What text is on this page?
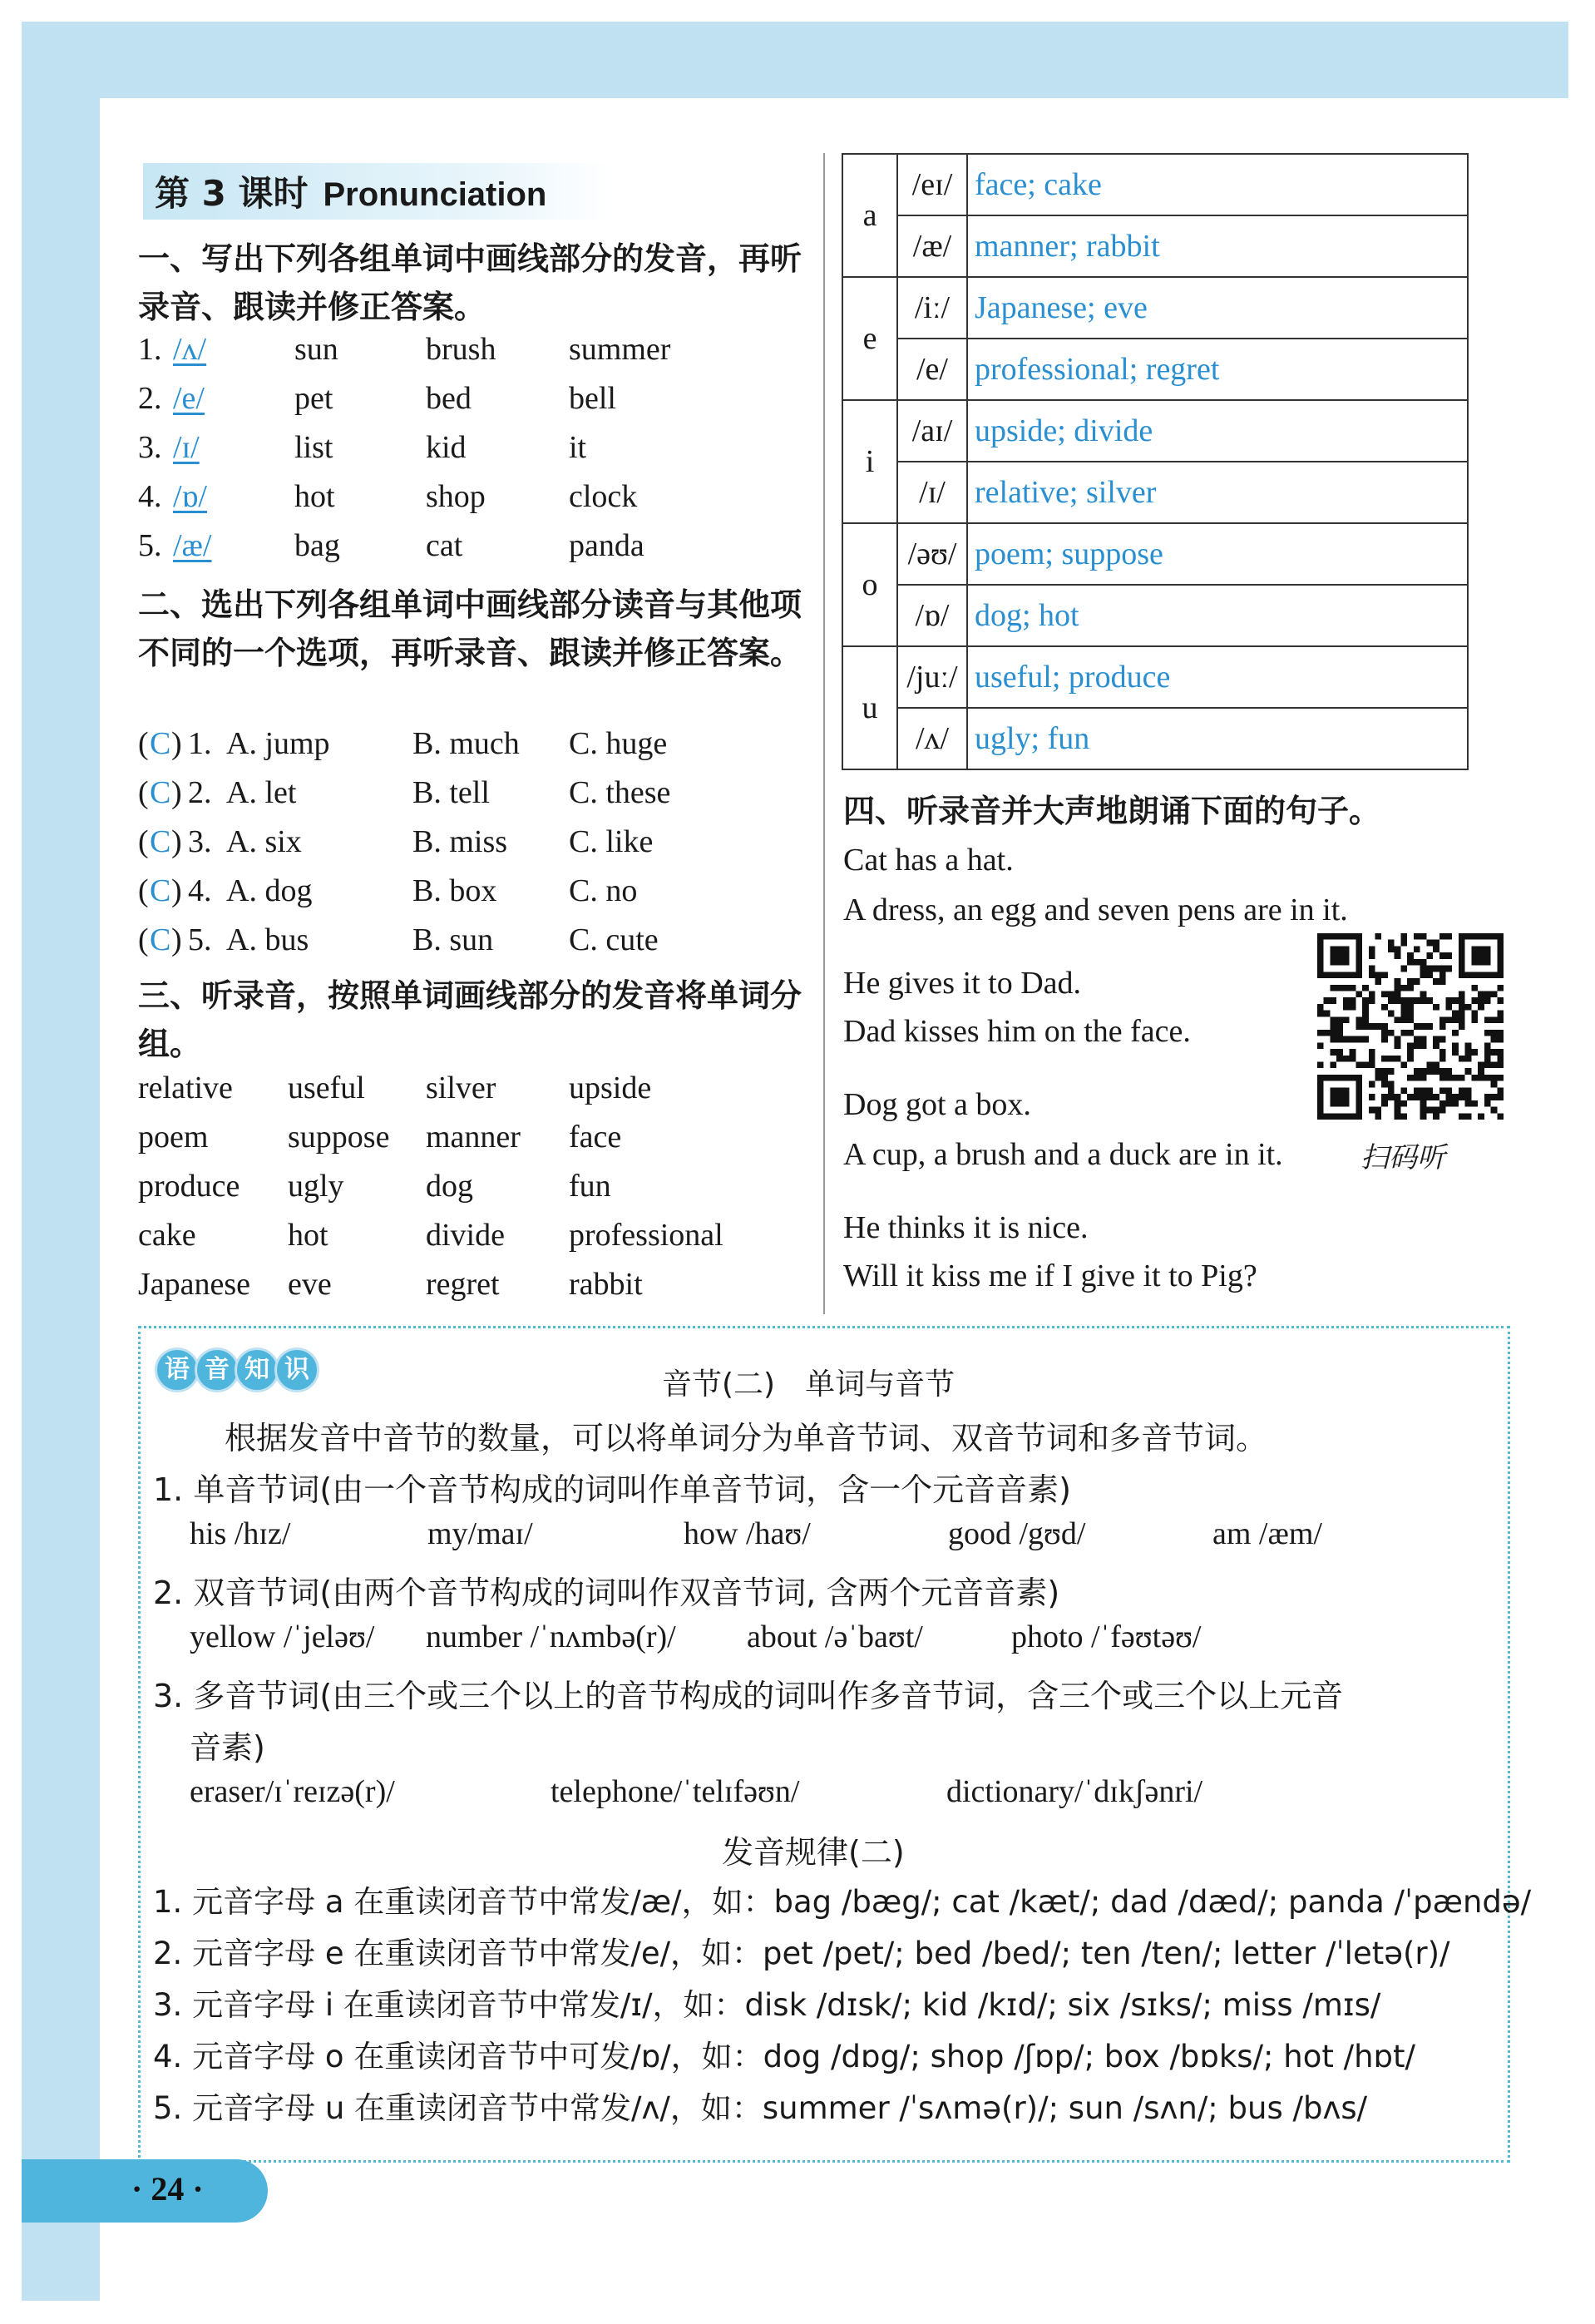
第 3 课时 Pronunciation
一、写出下列各组单词中画线部分的发音，再听录音、跟读并修正答案。
1. /ʌ/	sun	brush summer
2. /e/	pet	bed	bell
3. /ɪ/	list	kid	it
4. /ɒ/	hot	shop	clock
5. /æ/	bag	cat	panda
二、选出下列各组单词中画线部分读音与其他项不同的一个选项，再听录音、跟读并修正答案。
( C ) 1. A. jump	B. much C. huge
( C ) 2. A. let	B. tell	C. these
( C ) 3. A. six	B. miss C. like
( C ) 4. A. dog	B. box C. no
( C ) 5. A. bus	B. sun C. cute
三、听录音，按照单词画线部分的发音将单词分组。
relative useful silver upside
poem	suppose manner face
produce ugly	dog	fun
cake	hot	divide professional
Japanese eve	regret rabbit
a	/eɪ/	face; cake
	/æ/	manner; rabbit
e	/iː/	Japanese; eve
	/e/	professional; regret
i	/aɪ/	upside; divide
	/ɪ/	relative; silver
o	/əʊ/	poem; suppose
	/ɒ/	dog; hot
u	/juː/	useful; produce
	/ʌ/	ugly; fun
四、听录音并大声地朗诵下面的句子。
Cat has a hat.
A dress, an egg and seven pens are in it.
He gives it to Dad.
Dad kisses him on the face.
Dog got a box.
A cup, a brush and a duck are in it.
He thinks it is nice.
Will it kiss me if I give it to Pig?
扫码听
语 音 知 识	音节(二)　单词与音节
根据发音中音节的数量，可以将单词分为单音节词、双音节词和多音节词。
1. 单音节词(由一个音节构成的词叫作单音节词，含一个元音音素)
his /hɪz/	my/maɪ/	how /haʊ/	good /gʊd/	am /æm/
2. 双音节词(由两个音节构成的词叫作双音节词, 含两个元音音素)
yellow /ˈjeləʊ/ number /ˈnʌmbə(r)/ about /əˈbaʊt/	photo /ˈfəʊtəʊ/
3. 多音节词(由三个或三个以上的音节构成的词叫作多音节词，含三个或三个以上元音
音素)
eraser/ɪˈreɪzə(r)/	telephone/ˈtelɪfəʊn/	dictionary/ˈdɪkʃənri/
发音规律(二)
1. 元音字母 a 在重读闭音节中常发/æ/，如：bag /bæg/; cat /kæt/; dad /dæd/; panda /ˈpændə/
2. 元音字母 e 在重读闭音节中常发/e/，如：pet /pet/; bed /bed/; ten /ten/; letter /ˈletə(r)/
3. 元音字母 i 在重读闭音节中常发/ɪ/，如：disk /dɪsk/; kid /kɪd/; six /sɪks/; miss /mɪs/
4. 元音字母 o 在重读闭音节中可发/ɒ/，如：dog /dɒg/; shop /ʃɒp/; box /bɒks/; hot /hɒt/
5. 元音字母 u 在重读闭音节中常发/ʌ/，如：summer /ˈsʌmə(r)/; sun /sʌn/; bus /bʌs/
· 24 ·
